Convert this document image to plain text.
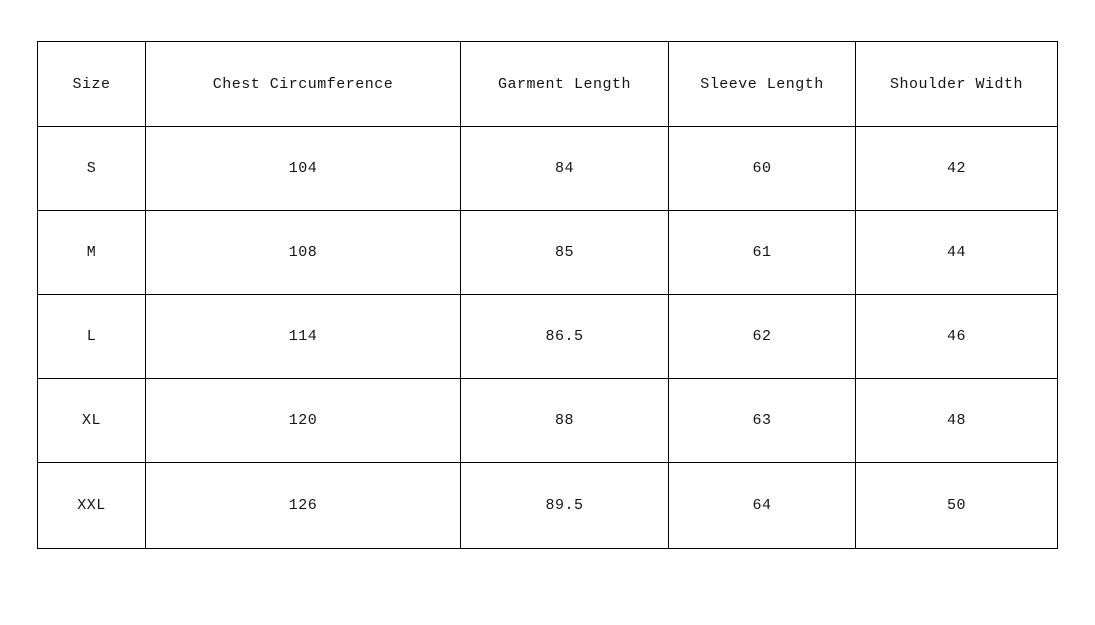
Size	Chest Circumference	Garment Length	Sleeve Length	Shoulder Width
S	104	84	60	42
M	108	85	61	44
L	114	86.5	62	46
XL	120	88	63	48
XXL	126	89.5	64	50
